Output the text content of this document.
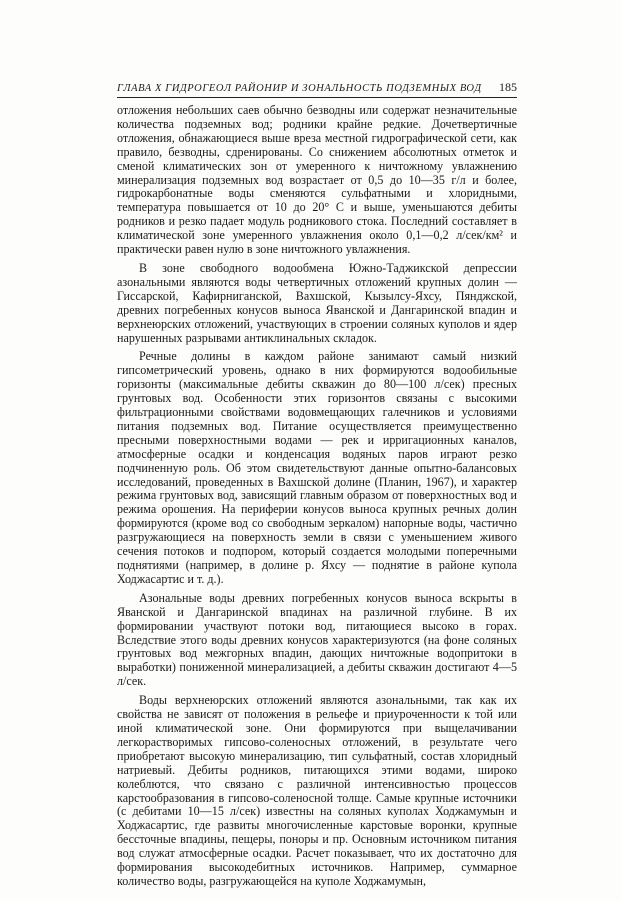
ГЛАВА X ГИДРОГЕОЛ РАЙОНИР И ЗОНАЛЬНОСТЬ ПОДЗЕМНЫХ ВОД 185

отложения небольших саев обычно безводны или содержат незначительные количества подземных вод; родники крайне редкие. Дочетвертичные отложения, обнажающиеся выше вреза местной гидрографической сети, как правило, безводны, сдренированы. Со снижением абсолютных отметок и сменой климатических зон от умеренного к ничтожному увлажнению минерализация подземных вод возрастает от 0,5 до 10—35 г/л и более, гидрокарбонатные воды сменяются сульфатными и хлоридными, температура повышается от 10 до 20° С и выше, уменьшаются дебиты родников и резко падает модуль родникового стока. Последний составляет в климатической зоне умеренного увлажнения около 0,1—0,2 л/сек/км² и практически равен нулю в зоне ничтожного увлажнения.

В зоне свободного водообмена Южно-Таджикской депрессии азональными являются воды четвертичных отложений крупных долин — Гиссарской, Кафирниганской, Вахшской, Кызылсу-Яхсу, Пянджской, древних погребенных конусов выноса Яванской и Дангаринской впадин и верхнеюрских отложений, участвующих в строении соляных куполов и ядер нарушенных разрывами антиклинальных складок.

Речные долины в каждом районе занимают самый низкий гипсометрический уровень, однако в них формируются водообильные горизонты (максимальные дебиты скважин до 80—100 л/сек) пресных грунтовых вод. Особенности этих горизонтов связаны с высокими фильтрационными свойствами водовмещающих галечников и условиями питания подземных вод. Питание осуществляется преимущественно пресными поверхностными водами — рек и ирригационных каналов, атмосферные осадки и конденсация водяных паров играют резко подчиненную роль. Об этом свидетельствуют данные опытно-балансовых исследований, проведенных в Вахшской долине (Планин, 1967), и характер режима грунтовых вод, зависящий главным образом от поверхностных вод и режима орошения. На периферии конусов выноса крупных речных долин формируются (кроме вод со свободным зеркалом) напорные воды, частично разгружающиеся на поверхность земли в связи с уменьшением живого сечения потоков и подпором, который создается молодыми поперечными поднятиями (например, в долине р. Яхсу — поднятие в районе купола Ходжасартис и т. д.).

Азональные воды древних погребенных конусов выноса вскрыты в Яванской и Дангаринской впадинах на различной глубине. В их формировании участвуют потоки вод, питающиеся высоко в горах. Вследствие этого воды древних конусов характеризуются (на фоне соляных грунтовых вод межгорных впадин, дающих ничтожные водопритоки в выработки) пониженной минерализацией, а дебиты скважин достигают 4—5 л/сек.

Воды верхнеюрских отложений являются азональными, так как их свойства не зависят от положения в рельефе и приуроченности к той или иной климатической зоне. Они формируются при выщелачивании легкорастворимых гипсово-соленосных отложений, в результате чего приобретают высокую минерализацию, тип сульфатный, состав хлоридный натриевый. Дебиты родников, питающихся этими водами, широко колеблются, что связано с различной интенсивностью процессов карстообразования в гипсово-соленосной толще. Самые крупные источники (с дебитами 10—15 л/сек) известны на соляных куполах Ходжамумын и Ходжасартис, где развиты многочисленные карстовые воронки, крупные бессточные впадины, пещеры, поноры и пр. Основным источником питания вод служат атмосферные осадки. Расчет показывает, что их достаточно для формирования высокодебитных источников. Например, суммарное количество воды, разгружающейся на куполе Ходжамумын,
